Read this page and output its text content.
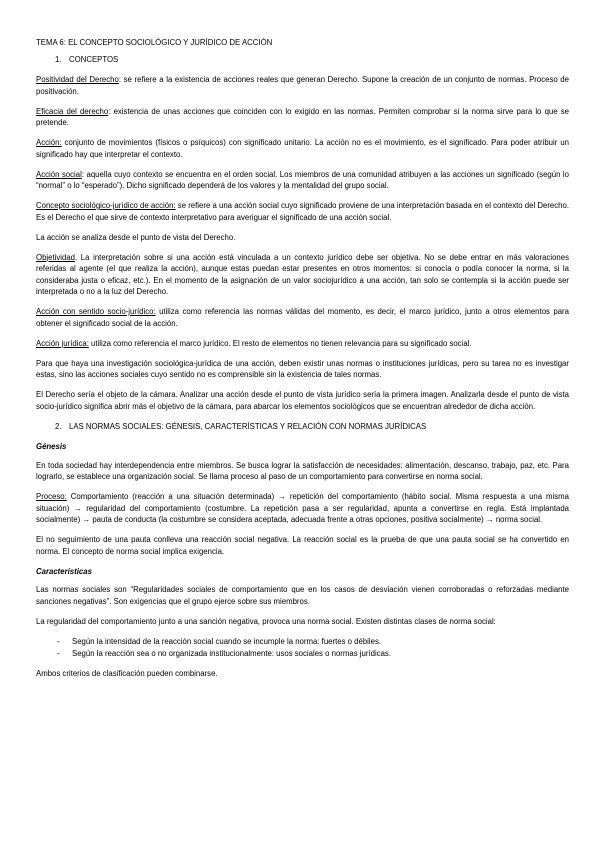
TEMA 6: EL CONCEPTO SOCIOLÓGICO Y JURÍDICO DE ACCIÓN

1. CONCEPTOS

Positividad del Derecho: se refiere a la existencia de acciones reales que generan Derecho. Supone la creación de un conjunto de normas. Proceso de positivación.

Eficacia del derecho: existencia de unas acciones que coinciden con lo exigido en las normas. Permiten comprobar si la norma sirve para lo que se pretende.

Acción: conjunto de movimientos (físicos o psíquicos) con significado unitario. La acción no es el movimiento, es el significado. Para poder atribuir un significado hay que interpretar el contexto.

Acción social: aquella cuyo contexto se encuentra en el orden social. Los miembros de una comunidad atribuyen a las acciones un significado (según lo “normal” o lo “esperado”). Dicho significado dependerá de los valores y la mentalidad del grupo social.

Concepto sociológico-jurídico de acción: se refiere a una acción social cuyo significado proviene de una interpretación basada en el contexto del Derecho. Es el Derecho el que sirve de contexto interpretativo para averiguar el significado de una acción social.

La acción se analiza desde el punto de vista del Derecho.

Objetividad. La interpretación sobre si una acción está vinculada a un contexto jurídico debe ser objetiva. No se debe entrar en más valoraciones referidas al agente (el que realiza la acción), aunque estas puedan estar presentes en otros momentos: si conocía o podía conocer la norma, si la consideraba justa o eficaz, etc.). En el momento de la asignación de un valor sociojurídico a una acción, tan solo se contempla si la acción puede ser interpretada o no a la luz del Derecho.

Acción con sentido socio-jurídico: utiliza como referencia las normas válidas del momento, es decir, el marco jurídico, junto a otros elementos para obtener el significado social de la acción.

Acción jurídica: utiliza como referencia el marco jurídico. El resto de elementos no tienen relevancia para su significado social.

Para que haya una investigación sociológica-jurídica de una acción, deben existir unas normas o instituciones jurídicas, pero su tarea no es investigar estas, sino las acciones sociales cuyo sentido no es comprensible sin la existencia de tales normas.

El Derecho sería el objeto de la cámara. Analizar una acción desde el punto de vista jurídico sería la primera imagen. Analizarla desde el punto de vista socio-jurídico significa abrir más el objetivo de la cámara, para abarcar los elementos sociológicos que se encuentran alrededor de dicha acción.

2. LAS NORMAS SOCIALES: GÉNESIS, CARACTERÍSTICAS Y RELACIÓN CON NORMAS JURÍDICAS

Génesis

En toda sociedad hay interdependencia entre miembros. Se busca lograr la satisfacción de necesidades: alimentación, descanso, trabajo, paz, etc. Para lograrlo, se establece una organización social. Se llama proceso al paso de un comportamiento para convertirse en norma social.

Proceso: Comportamiento (reacción a una situación determinada) → repetición del comportamiento (hábito social. Misma respuesta a una misma situación) → regularidad del comportamiento (costumbre. La repetición pasa a ser regularidad, apunta a convertirse en regla. Está implantada socialmente) → pauta de conducta (la costumbre se considera aceptada, adecuada frente a otras opciones, positiva socialmente) → norma social.

El no seguimiento de una pauta conlleva una reacción social negativa. La reacción social es la prueba de que una pauta social se ha convertido en norma. El concepto de norma social implica exigencia.

Características

Las normas sociales son “Regularidades sociales de comportamiento que en los casos de desviación vienen corroboradas o reforzadas mediante sanciones negativas”. Son exigencias que el grupo ejerce sobre sus miembros.

La regularidad del comportamiento junto a una sanción negativa, provoca una norma social. Existen distintas clases de norma social:

- Según la intensidad de la reacción social cuando se incumple la norma: fuertes o débiles.
- Según la reacción sea o no organizada institucionalmente: usos sociales o normas jurídicas.

Ambos criterios de clasificación pueden combinarse.
